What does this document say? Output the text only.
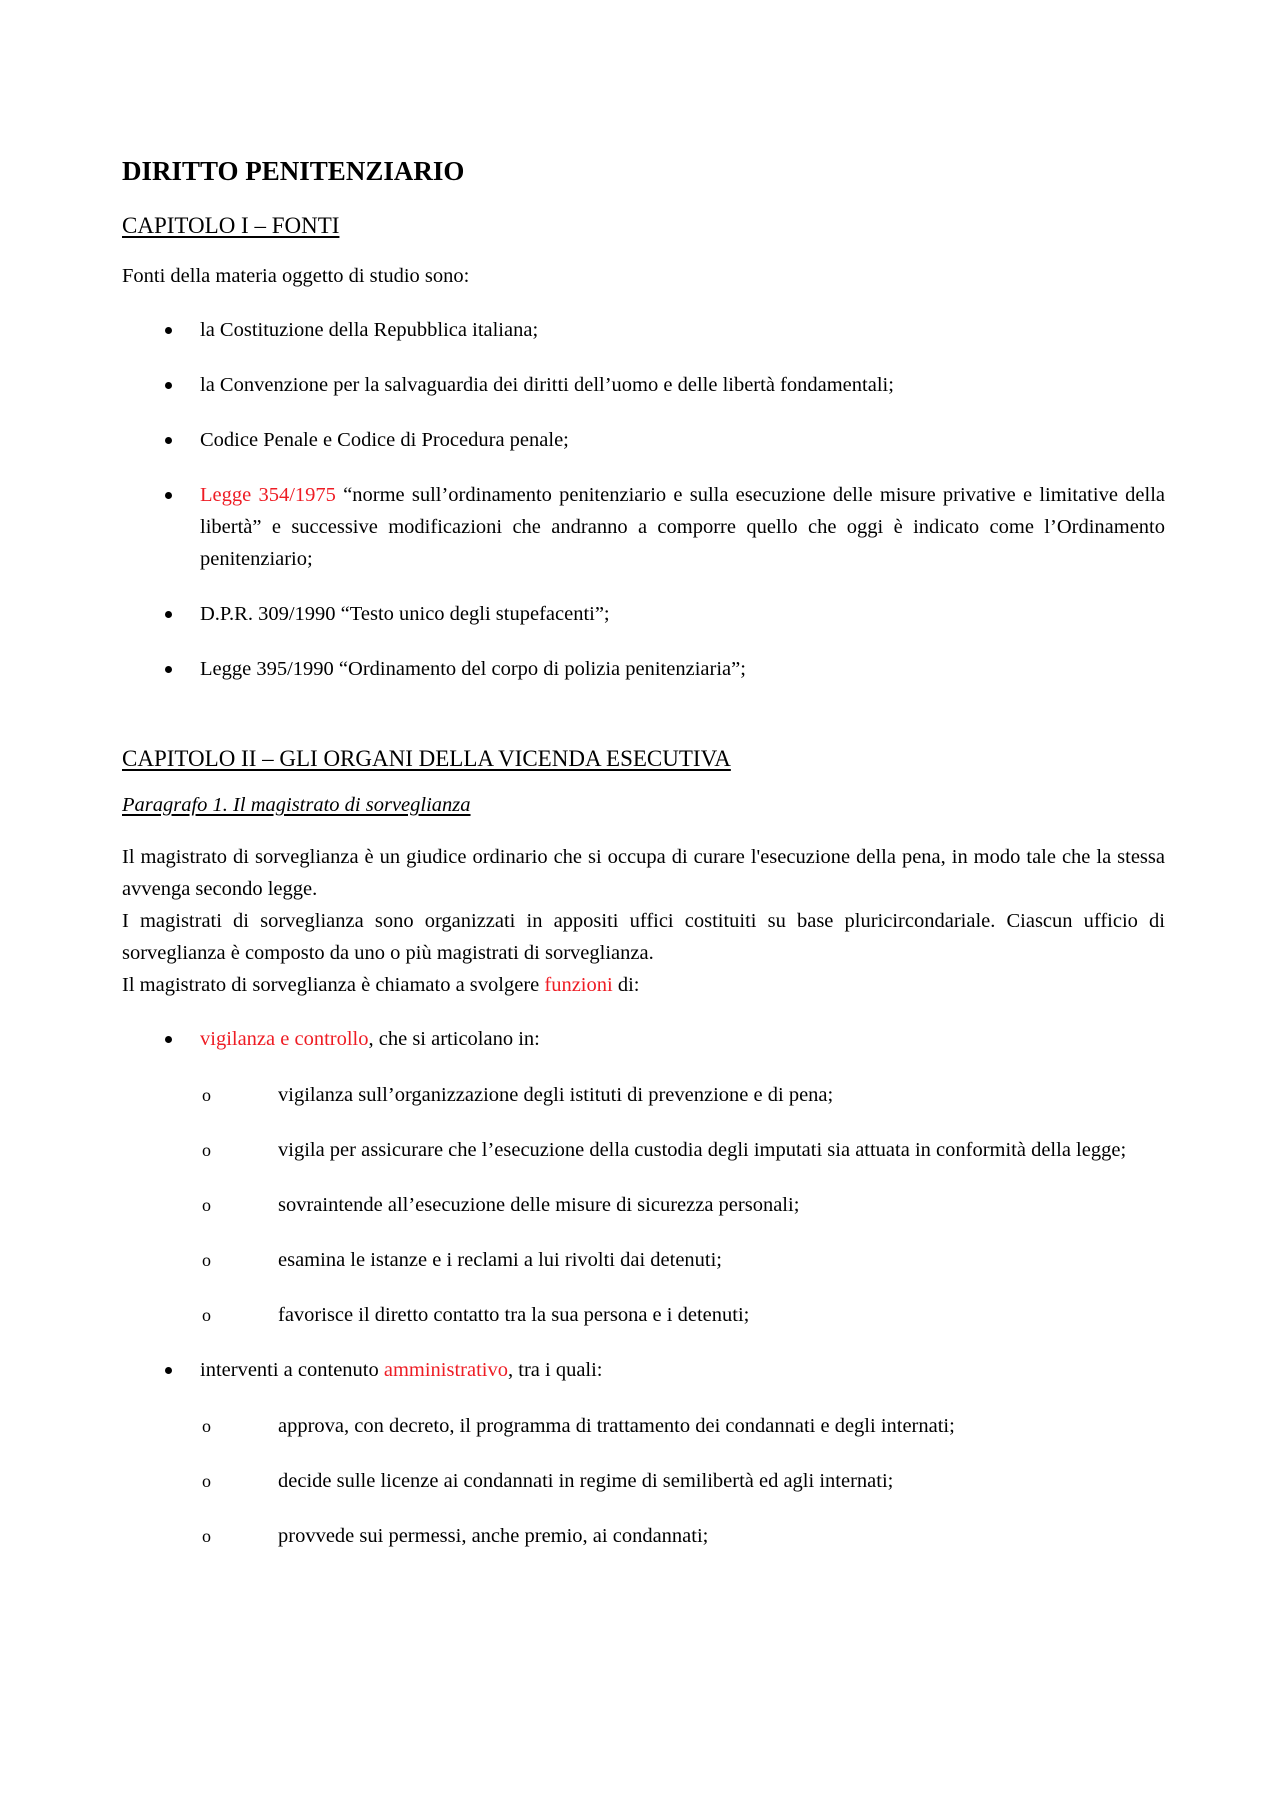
DIRITTO PENITENZIARIO
CAPITOLO I – FONTI

Fonti della materia oggetto di studio sono:

la Costituzione della Repubblica italiana;
la Convenzione per la salvaguardia dei diritti dell’uomo e delle libertà fondamentali;
Codice Penale e Codice di Procedura penale;
Legge 354/1975 “norme sull’ordinamento penitenziario e sulla esecuzione delle misure privative e limitative della libertà” e successive modificazioni che andranno a comporre quello che oggi è indicato come l’Ordinamento penitenziario;
D.P.R. 309/1990 “Testo unico degli stupefacenti”;
Legge 395/1990 “Ordinamento del corpo di polizia penitenziaria”;
CAPITOLO II – GLI ORGANI DELLA VICENDA ESECUTIVA

Paragrafo 1. Il magistrato di sorveglianza

Il magistrato di sorveglianza è un giudice ordinario che si occupa di curare l'esecuzione della pena, in modo tale che la stessa avvenga secondo legge.

I magistrati di sorveglianza sono organizzati in appositi uffici costituiti su base pluricircondariale. Ciascun ufficio di sorveglianza è composto da uno o più magistrati di sorveglianza.

Il magistrato di sorveglianza è chiamato a svolgere funzioni di:

vigilanza e controllo, che si articolano in:
o	vigilanza sull’organizzazione degli istituti di prevenzione e di pena;
o	vigila per assicurare che l’esecuzione della custodia degli imputati sia attuata in conformità della legge;
o	sovraintende all’esecuzione delle misure di sicurezza personali;
o	esamina le istanze e i reclami a lui rivolti dai detenuti;
o	favorisce il diretto contatto tra la sua persona e i detenuti;
interventi a contenuto amministrativo, tra i quali:
o	approva, con decreto, il programma di trattamento dei condannati e degli internati;
o	decide sulle licenze ai condannati in regime di semilibertà ed agli internati;
o	provvede sui permessi, anche premio, ai condannati;
